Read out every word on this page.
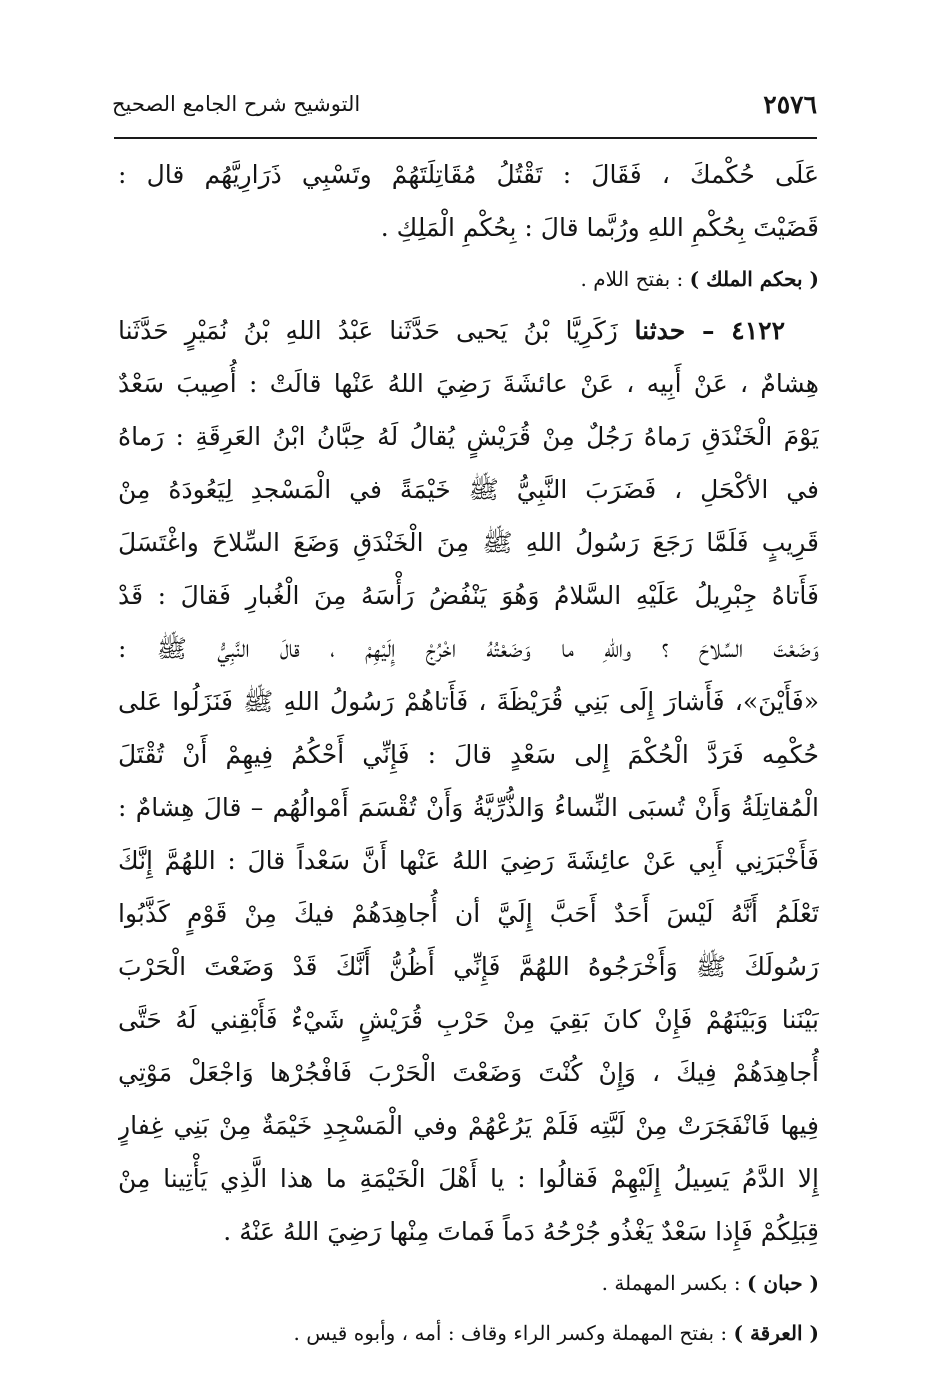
٢٥٧٦
التوشيح شرح الجامع الصحيح
عَلَى حُكْمكَ ، فَقَالَ : تَقْتُلُ مُقَاتِلَتَهُمْ وتَسْبِي ذَرَارِيَّهُم قال :
قَضَيْتَ بِحُكْمِ اللهِ ورُبَّما قالَ : بِحُكْمِ الْمَلِكِ .
( بحكم الملك ) : بفتح اللام .
٤١٢٢ – حدثنا زَكَرِيَّا بْنُ يَحيى حَدَّثَنا عَبْدُ اللهِ بْنُ نُمَيْرٍ حَدَّثَنا
هِشامٌ ، عَنْ أَبِيه ، عَنْ عائشَةَ رَضِيَ اللهُ عَنْها قالَتْ : أُصِيبَ سَعْدٌ
يَوْمَ الْخَنْدَقِ رَماهُ رَجُلٌ مِنْ قُرَيْشٍ يُقالُ لَهُ حِبَّانُ ابْنُ العَرِقَةِ : رَماهُ
في الأكْحَلِ ، فَضَرَبَ النَّبِيُّ ﷺ خَيْمَةً في الْمَسْجدِ لِيَعُودَهُ مِنْ
قَرِيبٍ فَلَمَّا رَجَعَ رَسُولُ اللهِ ﷺ مِنَ الْخَنْدَقِ وَضَعَ السِّلاحَ واغْتَسَلَ
فَأَتاهُ جِبْرِيلُ عَلَيْهِ السَّلامُ وَهُوَ يَنْفُضُ رَأْسَهُ مِنَ الْغُبارِ فَقالَ : قَدْ
وَضَعْتَ السِّلاحَ ؟ واللهِ ما وَضَعْتُهُ اخْرُجْ إِلَيْهِمْ ، قالَ النَّبِيُّ ﷺ :
«فَأَيْنَ»، فَأَشارَ إِلَى بَنِي قُرَيْظَةَ ، فَأَتاهُمْ رَسُولُ اللهِ ﷺ فَنَزَلُوا عَلى
حُكْمِه فَرَدَّ الْحُكْمَ إِلى سَعْدٍ قالَ : فَإِنِّي أَحْكُمُ فِيهِمْ أَنْ تُقْتَلَ
الْمُقاتِلَةُ وَأَنْ تُسبَى النِّساءُ وَالذُّرِّيَّةُ وَأَنْ تُقْسَمَ أَمْوالُهُم – قالَ هِشامٌ :
فَأَخْبَرَنِي أَبِي عَنْ عائِشَةَ رَضِيَ اللهُ عَنْها أَنَّ سَعْداً قالَ : اللهُمَّ إِنَّكَ
تَعْلَمُ أَنَّهُ لَيْسَ أَحَدٌ أَحَبَّ إِلَيَّ أن أُجاهِدَهُمْ فيكَ مِنْ قَوْمٍ كَذَّبُوا
رَسُولَكَ ﷺ وَأَخْرَجُوهُ اللهُمَّ فَإِنِّي أَظُنُّ أَنَّكَ قَدْ وَضَعْتَ الْحَرْبَ
بَيْنَنا وَبَيْنَهُمْ فَإِنْ كانَ بَقِيَ مِنْ حَرْبِ قُرَيْشٍ شَيْءٌ فَأَبْقِني لَهُ حَتَّى
أُجاهِدَهُمْ فِيكَ ، وَإِنْ كُنْتَ وَضَعْتَ الْحَرْبَ فَافْجُرْها وَاجْعَلْ مَوْتِي
فِيها فَانْفَجَرَتْ مِنْ لَبَّتِه فَلَمْ يَرُعْهُمْ وفي الْمَسْجِدِ خَيْمَةٌ مِنْ بَنِي غِفارٍ
إِلا الدَّمُ يَسِيلُ إِلَيْهِمْ فَقالُوا : يا أَهْلَ الْخَيْمَةِ ما هذا الَّذِي يَأْتِينا مِنْ
قِبَلِكُمْ فَإِذا سَعْدٌ يَغْذُو جُرْحُهُ دَماً فَماتَ مِنْها رَضِيَ اللهُ عَنْهُ .
( حبان ) : بكسر المهملة .
( العرقة ) : بفتح المهملة وكسر الراء وقاف : أمه ، وأبوه قيس .
